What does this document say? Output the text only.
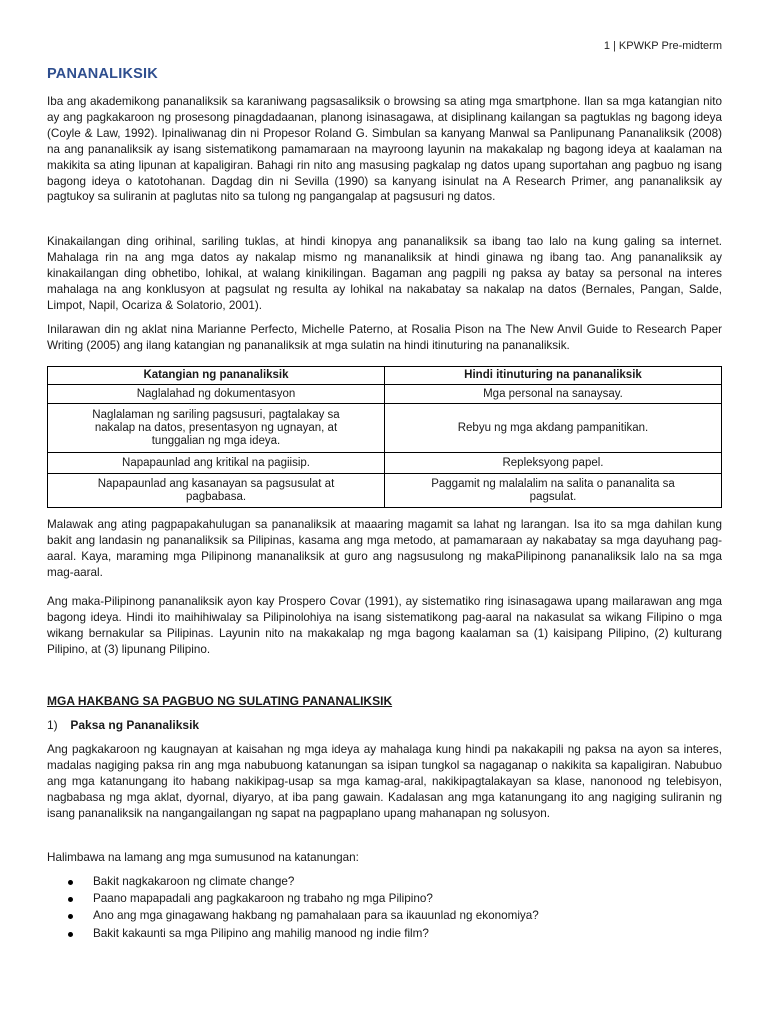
1 | KPWKP Pre-midterm
PANANALIKSIK

Iba ang akademikong pananaliksik sa karaniwang pagsasaliksik o browsing sa ating mga smartphone. Ilan sa mga katangian nito ay ang pagkakaroon ng prosesong pinagdadaanan, planong isinasagawa, at disiplinang kailangan sa pagtuklas ng bagong ideya (Coyle & Law, 1992). Ipinaliwanag din ni Propesor Roland G. Simbulan sa kanyang Manwal sa Panlipunang Pananaliksik (2008) na ang pananaliksik ay isang sistematikong pamamaraan na mayroong layunin na makakalap ng bagong ideya at kaalaman na makikita sa ating lipunan at kapaligiran. Bahagi rin nito ang masusing pagkalap ng datos upang suportahan ang pagbuo ng isang bagong ideya o katotohanan. Dagdag din ni Sevilla (1990) sa kanyang isinulat na A Research Primer, ang pananaliksik ay pagtukoy sa suliranin at paglutas nito sa tulong ng pangangalap at pagsusuri ng datos.

Kinakailangan ding orihinal, sariling tuklas, at hindi kinopya ang pananaliksik sa ibang tao lalo na kung galing sa internet. Mahalaga rin na ang mga datos ay nakalap mismo ng mananaliksik at hindi ginawa ng ibang tao. Ang pananaliksik ay kinakailangan ding obhetibo, lohikal, at walang kinikilingan. Bagaman ang pagpili ng paksa ay batay sa personal na interes mahalaga na ang konklusyon at pagsulat ng resulta ay lohikal na nakabatay sa nakalap na datos (Bernales, Pangan, Salde, Limpot, Napil, Ocariza & Solatorio, 2001).

Inilarawan din ng aklat nina Marianne Perfecto, Michelle Paterno, at Rosalia Pison na The New Anvil Guide to Research Paper Writing (2005) ang ilang katangian ng pananaliksik at mga sulatin na hindi itinuturing na pananaliksik.

Katangian ng pananaliksik	Hindi itinuturing na pananaliksik
Naglalahad ng dokumentasyon	Mga personal na sanaysay.
Naglalaman ng sariling pagsusuri, pagtalakay sa nakalap na datos, presentasyon ng ugnayan, at tunggalian ng mga ideya.	Rebyu ng mga akdang pampanitikan.
Napapaunlad ang kritikal na pagiisip.	Repleksyong papel.
Napapaunlad ang kasanayan sa pagsusulat at pagbabasa.	Paggamit ng malalalim na salita o pananalita sa pagsulat.

Malawak ang ating pagpapakahulugan sa pananaliksik at maaaring magamit sa lahat ng larangan. Isa ito sa mga dahilan kung bakit ang landasin ng pananaliksik sa Pilipinas, kasama ang mga metodo, at pamamaraan ay nakabatay sa mga dayuhang pag-aaral. Kaya, maraming mga Pilipinong mananaliksik at guro ang nagsusulong ng makaPilipinong pananaliksik lalo na sa mga mag-aaral.

Ang maka-Pilipinong pananaliksik ayon kay Prospero Covar (1991), ay sistematiko ring isinasagawa upang mailarawan ang mga bagong ideya. Hindi ito maihihiwalay sa Pilipinolohiya na isang sistematikong pag-aaral na nakasulat sa wikang Filipino o mga wikang bernakular sa Pilipinas. Layunin nito na makakalap ng mga bagong kaalaman sa (1) kaisipang Pilipino, (2) kulturang Pilipino, at (3) lipunang Pilipino.

MGA HAKBANG SA PAGBUO NG SULATING PANANALIKSIK
1) Paksa ng Pananaliksik

Ang pagkakaroon ng kaugnayan at kaisahan ng mga ideya ay mahalaga kung hindi pa nakakapili ng paksa na ayon sa interes, madalas nagiging paksa rin ang mga nabubuong katanungan sa isipan tungkol sa nagaganap o nakikita sa kapaligiran. Nabubuo ang mga katanungang ito habang nakikipag-usap sa mga kamag-aral, nakikipagtalakayan sa klase, nanonood ng telebisyon, nagbabasa ng mga aklat, dyornal, diyaryo, at iba pang gawain. Kadalasan ang mga katanungang ito ang nagiging suliranin ng isang pananaliksik na nangangailangan ng sapat na pagpaplano upang mahanapan ng solusyon.

Halimbawa na lamang ang mga sumusunod na katanungan:

Bakit nagkakaroon ng climate change?
Paano mapapadali ang pagkakaroon ng trabaho ng mga Pilipino?
Ano ang mga ginagawang hakbang ng pamahalaan para sa ikauunlad ng ekonomiya?
Bakit kakaunti sa mga Pilipino ang mahilig manood ng indie film?
